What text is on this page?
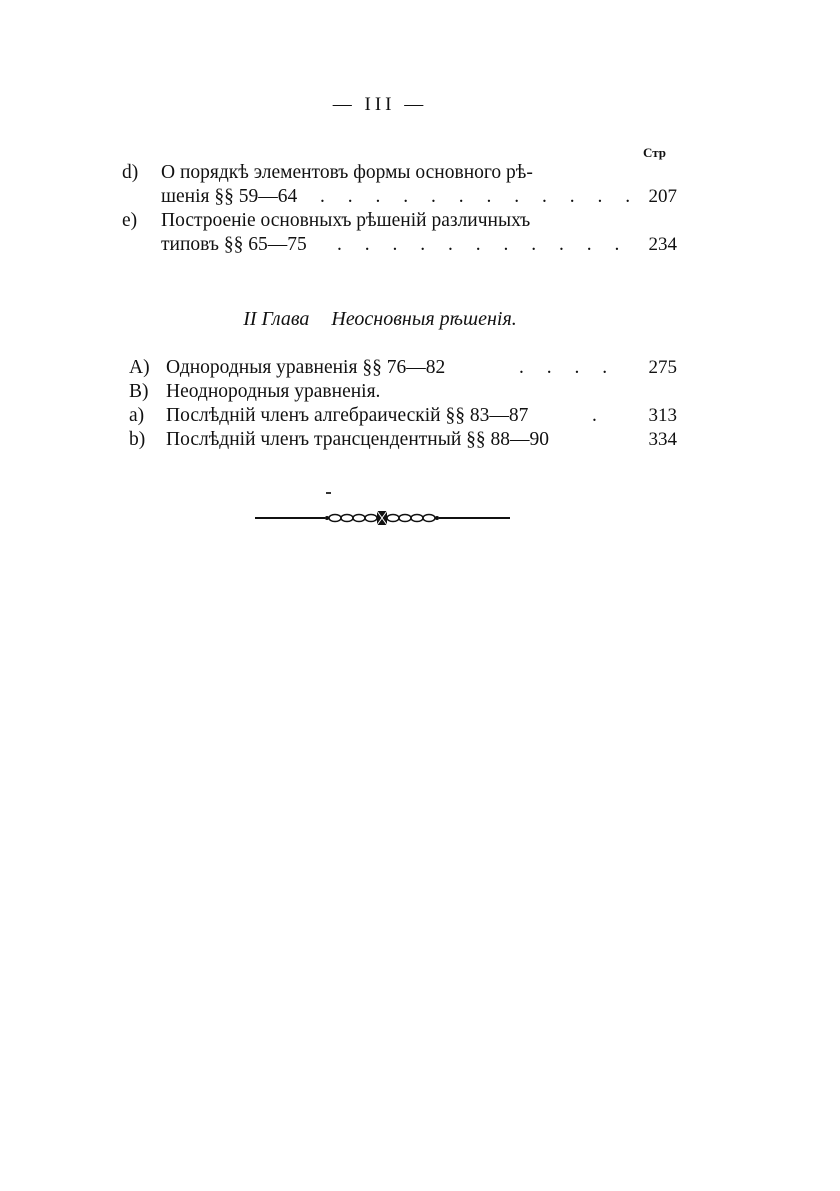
— III —
Стр
d) О порядкѣ элементовъ формы основного рѣ-
шенія §§ 59—64 . . . . . . . . . . . . 207
e) Построеніе основныхъ рѣшеній различныхъ
типовъ §§ 65—75 . . . . . . . . . . .	234
II Глава Неосновныя рѣшенія.
A) Однородныя уравненія §§ 76—82	. . . .	275
B) Неоднородныя уравненія.
a) Послѣдній членъ алгебраическій §§ 83—87	.	313
b) Послѣдній членъ трансцендентный §§ 88—90	334
